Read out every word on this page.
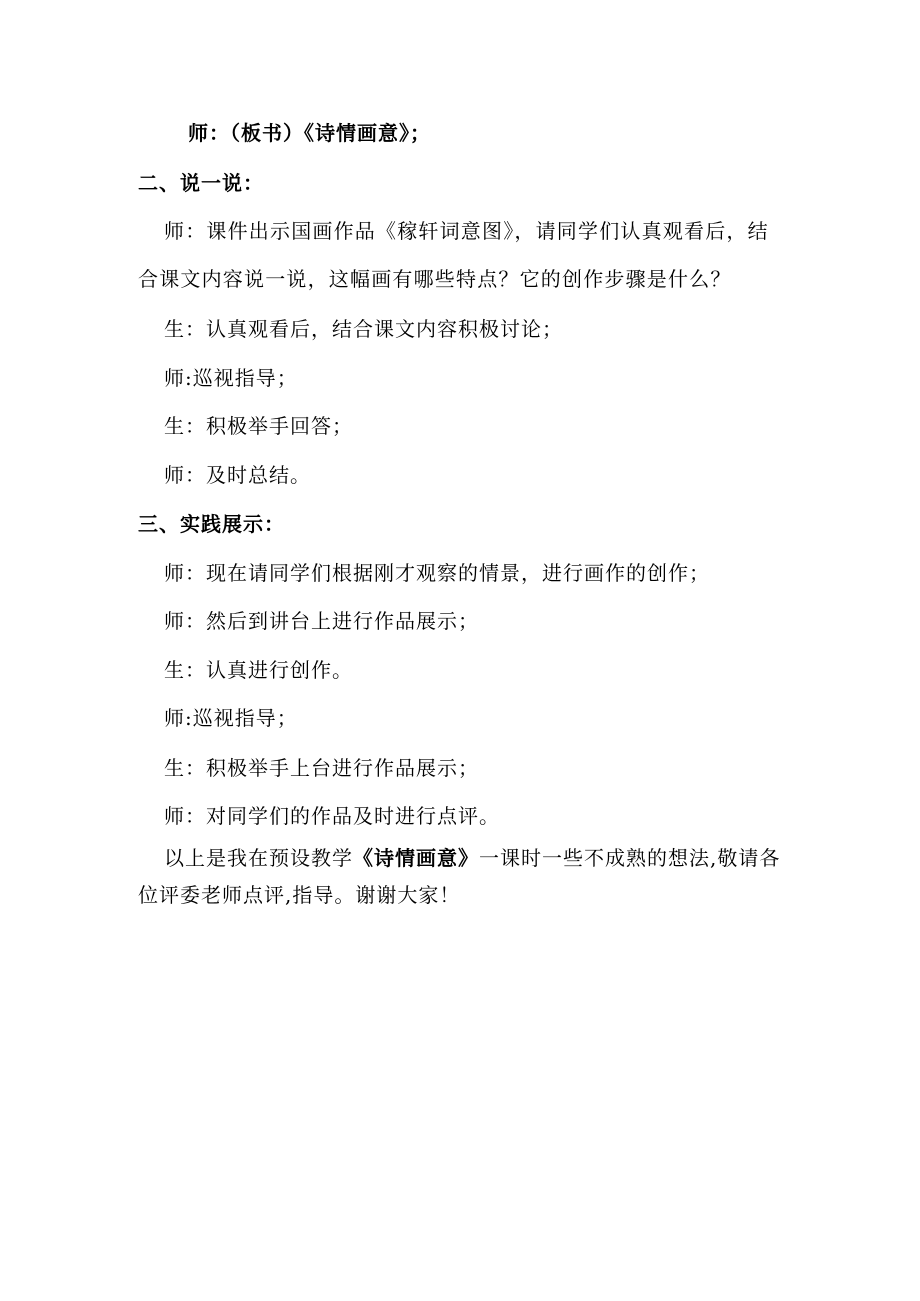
师：（板书）《诗情画意》；
二、说一说：
师：课件出示国画作品《稼轩词意图》，请同学们认真观看后，结
合课文内容说一说，这幅画有哪些特点？它的创作步骤是什么？
生：认真观看后，结合课文内容积极讨论；
师:巡视指导；
生：积极举手回答；
师：及时总结。
三、实践展示：
师：现在请同学们根据刚才观察的情景，进行画作的创作；
师：然后到讲台上进行作品展示；
生：认真进行创作。
师:巡视指导；
生：积极举手上台进行作品展示；
师：对同学们的作品及时进行点评。
以上是我在预设教学《诗情画意》一课时一些不成熟的想法,敬请各位评委老师点评,指导。谢谢大家！
